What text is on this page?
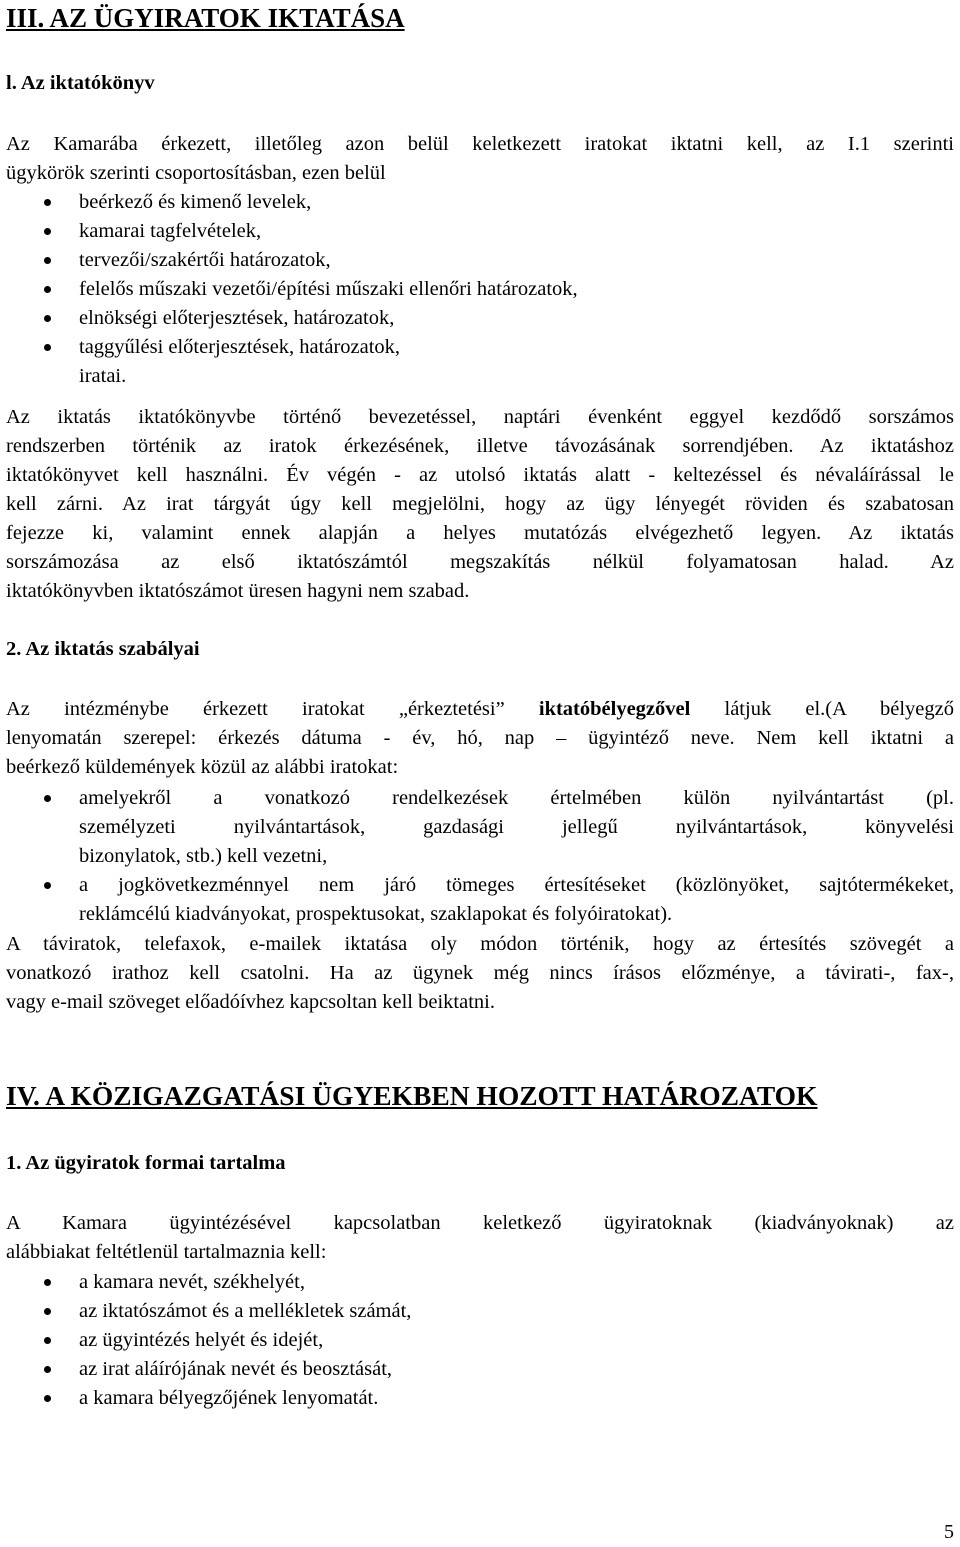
III. AZ ÜGYIRATOK IKTATÁSA
l. Az iktatókönyv
Az Kamarába érkezett, illetőleg azon belül keletkezett iratokat iktatni kell, az I.1 szerinti
ügykörök szerinti csoportosításban, ezen belül
beérkező és kimenő levelek,
kamarai tagfelvételek,
tervezői/szakértői határozatok,
felelős műszaki vezetői/építési műszaki ellenőri határozatok,
elnökségi előterjesztések, határozatok,
taggyűlési előterjesztések, határozatok,
iratai.
Az iktatás iktatókönyvbe történő bevezetéssel, naptári évenként eggyel kezdődő sorszámos
rendszerben történik az iratok érkezésének, illetve távozásának sorrendjében. Az iktatáshoz
iktatókönyvet kell használni. Év végén - az utolsó iktatás alatt - keltezéssel és névaláírással le
kell zárni. Az irat tárgyát úgy kell megjelölni, hogy az ügy lényegét röviden és szabatosan
fejezze ki, valamint ennek alapján a helyes mutatózás elvégezhető legyen. Az iktatás
sorszámozása az első iktatószámtól megszakítás nélkül folyamatosan halad. Az
iktatókönyvben iktatószámot üresen hagyni nem szabad.
2. Az iktatás szabályai
Az intézménybe érkezett iratokat „érkeztetési” iktatóbélyegzővel látjuk el.(A bélyegző
lenyomatán szerepel: érkezés dátuma - év, hó, nap – ügyintéző neve. Nem kell iktatni a
beérkező küldemények közül az alábbi iratokat:
amelyekről a vonatkozó rendelkezések értelmében külön nyilvántartást (pl.
személyzeti nyilvántartások, gazdasági jellegű nyilvántartások, könyvelési
bizonylatok, stb.) kell vezetni,
a jogkövetkezménnyel nem járó tömeges értesítéseket (közlönyöket, sajtótermékeket,
reklámcélú kiadványokat, prospektusokat, szaklapokat és folyóiratokat).
A táviratok, telefaxok, e-mailek iktatása oly módon történik, hogy az értesítés szövegét a
vonatkozó irathoz kell csatolni. Ha az ügynek még nincs írásos előzménye, a távirati-, fax-,
vagy e-mail szöveget előadóívhez kapcsoltan kell beiktatni.
IV. A KÖZIGAZGATÁSI ÜGYEKBEN HOZOTT HATÁROZATOK
1. Az ügyiratok formai tartalma
A Kamara ügyintézésével kapcsolatban keletkező ügyiratoknak (kiadványoknak) az
alábbiakat feltétlenül tartalmaznia kell:
a kamara nevét, székhelyét,
az iktatószámot és a mellékletek számát,
az ügyintézés helyét és idejét,
az irat aláírójának nevét és beosztását,
a kamara bélyegzőjének lenyomatát.
5
